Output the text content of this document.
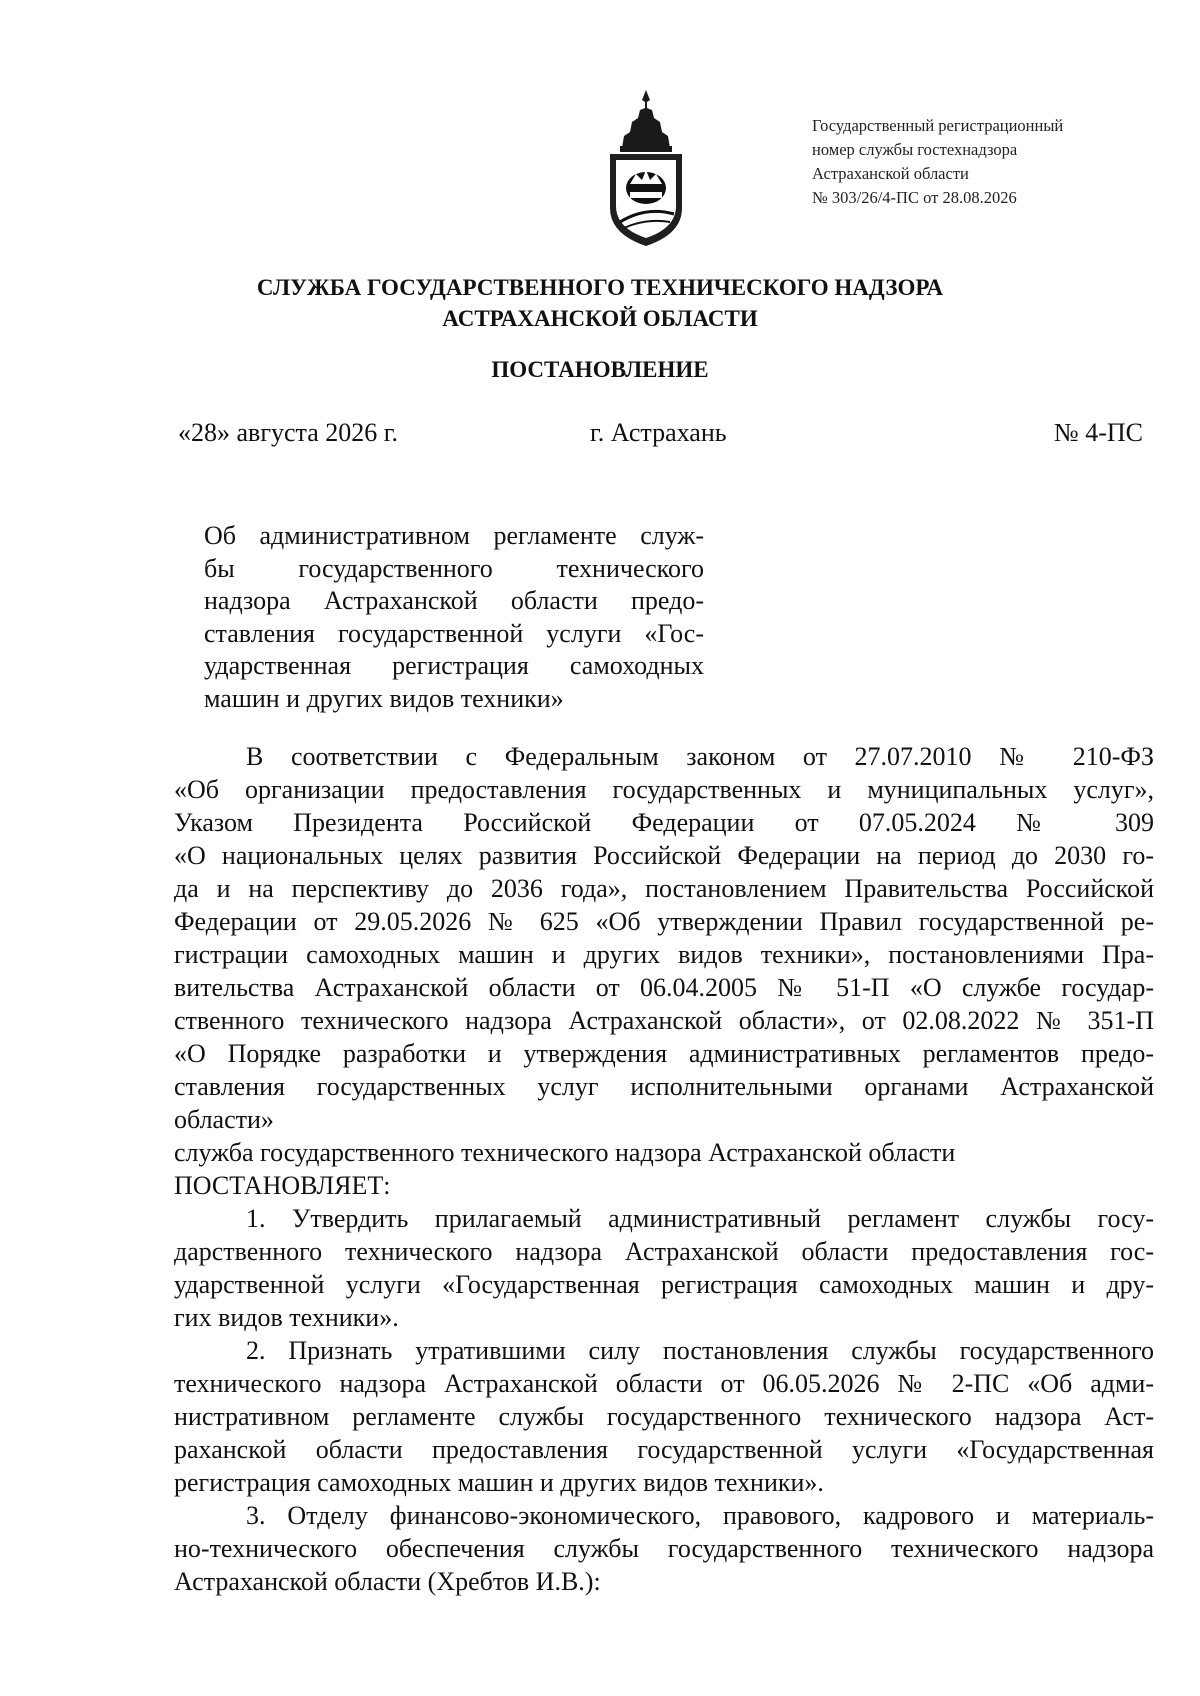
Государственный регистрационный
номер службы гостехнадзора
Астраханской области
№ 303/26/4-ПС от 28.08.2026
СЛУЖБА ГОСУДАРСТВЕННОГО ТЕХНИЧЕСКОГО НАДЗОРА
АСТРАХАНСКОЙ ОБЛАСТИ
ПОСТАНОВЛЕНИЕ
«28» августа 2026 г.	г. Астрахань	№ 4-ПС
Об административном регламенте служ-
бы государственного технического
надзора Астраханской области предо-
ставления государственной услуги «Гос-
ударственная регистрация самоходных
машин и других видов техники»
В соответствии с Федеральным законом от 27.07.2010 № 210-ФЗ
«Об организации предоставления государственных и муниципальных услуг»,
Указом Президента Российской Федерации от 07.05.2024 № 309
«О национальных целях развития Российской Федерации на период до 2030 го-
да и на перспективу до 2036 года», постановлением Правительства Российской
Федерации от 29.05.2026 № 625 «Об утверждении Правил государственной ре-
гистрации самоходных машин и других видов техники», постановлениями Пра-
вительства Астраханской области от 06.04.2005 № 51-П «О службе государ-
ственного технического надзора Астраханской области», от 02.08.2022 № 351-П
«О Порядке разработки и утверждения административных регламентов предо-
ставления государственных услуг исполнительными органами Астраханской
области»
служба государственного технического надзора Астраханской области
ПОСТАНОВЛЯЕТ:
1. Утвердить прилагаемый административный регламент службы госу-
дарственного технического надзора Астраханской области предоставления гос-
ударственной услуги «Государственная регистрация самоходных машин и дру-
гих видов техники».
2. Признать утратившими силу постановления службы государственного
технического надзора Астраханской области от 06.05.2026 № 2-ПС «Об адми-
нистративном регламенте службы государственного технического надзора Аст-
раханской области предоставления государственной услуги «Государственная
регистрация самоходных машин и других видов техники».
3. Отделу финансово-экономического, правового, кадрового и материаль-
но-технического обеспечения службы государственного технического надзора
Астраханской области (Хребтов И.В.):
